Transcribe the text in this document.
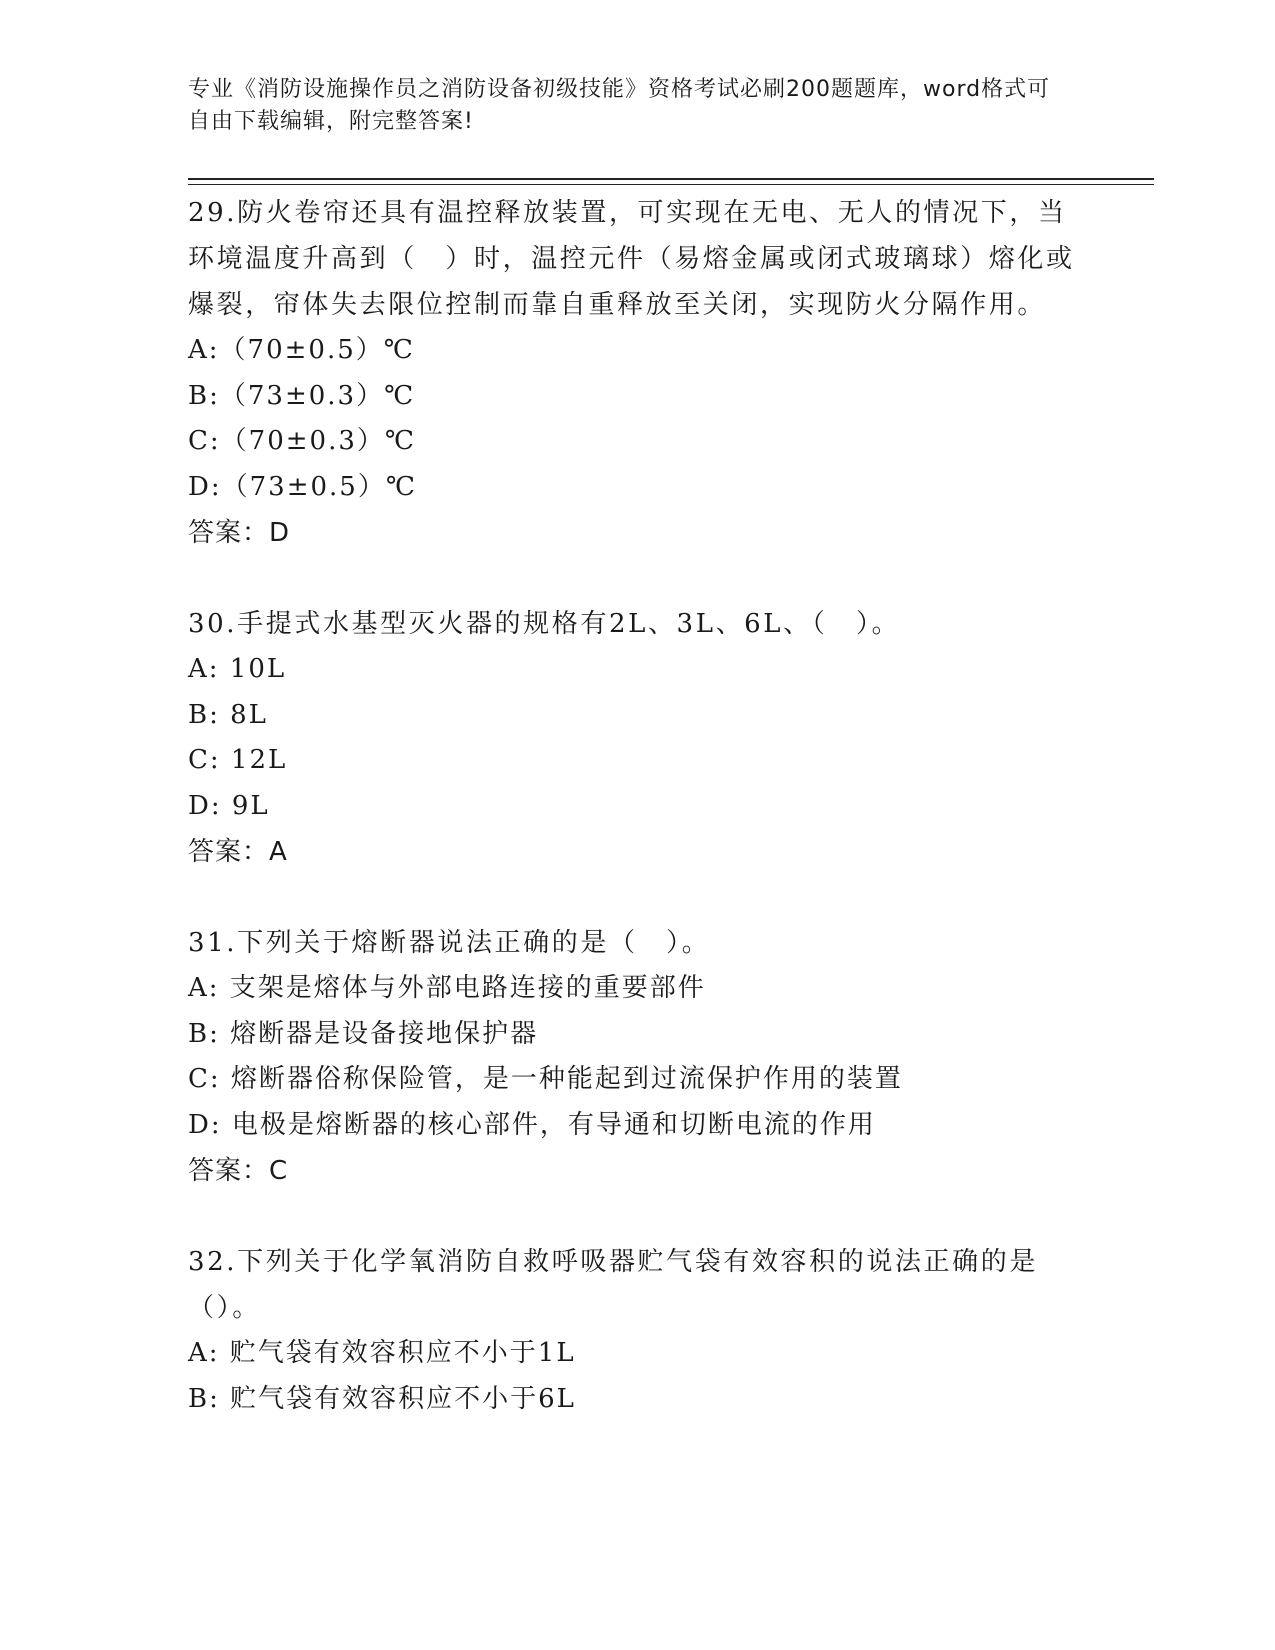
专业《消防设施操作员之消防设备初级技能》资格考试必刷200题题库，word格式可自由下载编辑，附完整答案!
29.防火卷帘还具有温控释放装置，可实现在无电、无人的情况下，当环境温度升高到（　）时，温控元件（易熔金属或闭式玻璃球）熔化或爆裂，帘体失去限位控制而靠自重释放至关闭，实现防火分隔作用。
A:（70±0.5）℃
B:（73±0.3）℃
C:（70±0.3）℃
D:（73±0.5）℃
答案：D
30.手提式水基型灭火器的规格有2L、3L、6L、（　）。
A: 10L
B: 8L
C: 12L
D: 9L
答案：A
31.下列关于熔断器说法正确的是（　）。
A: 支架是熔体与外部电路连接的重要部件
B: 熔断器是设备接地保护器
C: 熔断器俗称保险管，是一种能起到过流保护作用的装置
D: 电极是熔断器的核心部件，有导通和切断电流的作用
答案：C
32.下列关于化学氧消防自救呼吸器贮气袋有效容积的说法正确的是（）。
A: 贮气袋有效容积应不小于1L
B: 贮气袋有效容积应不小于6L
